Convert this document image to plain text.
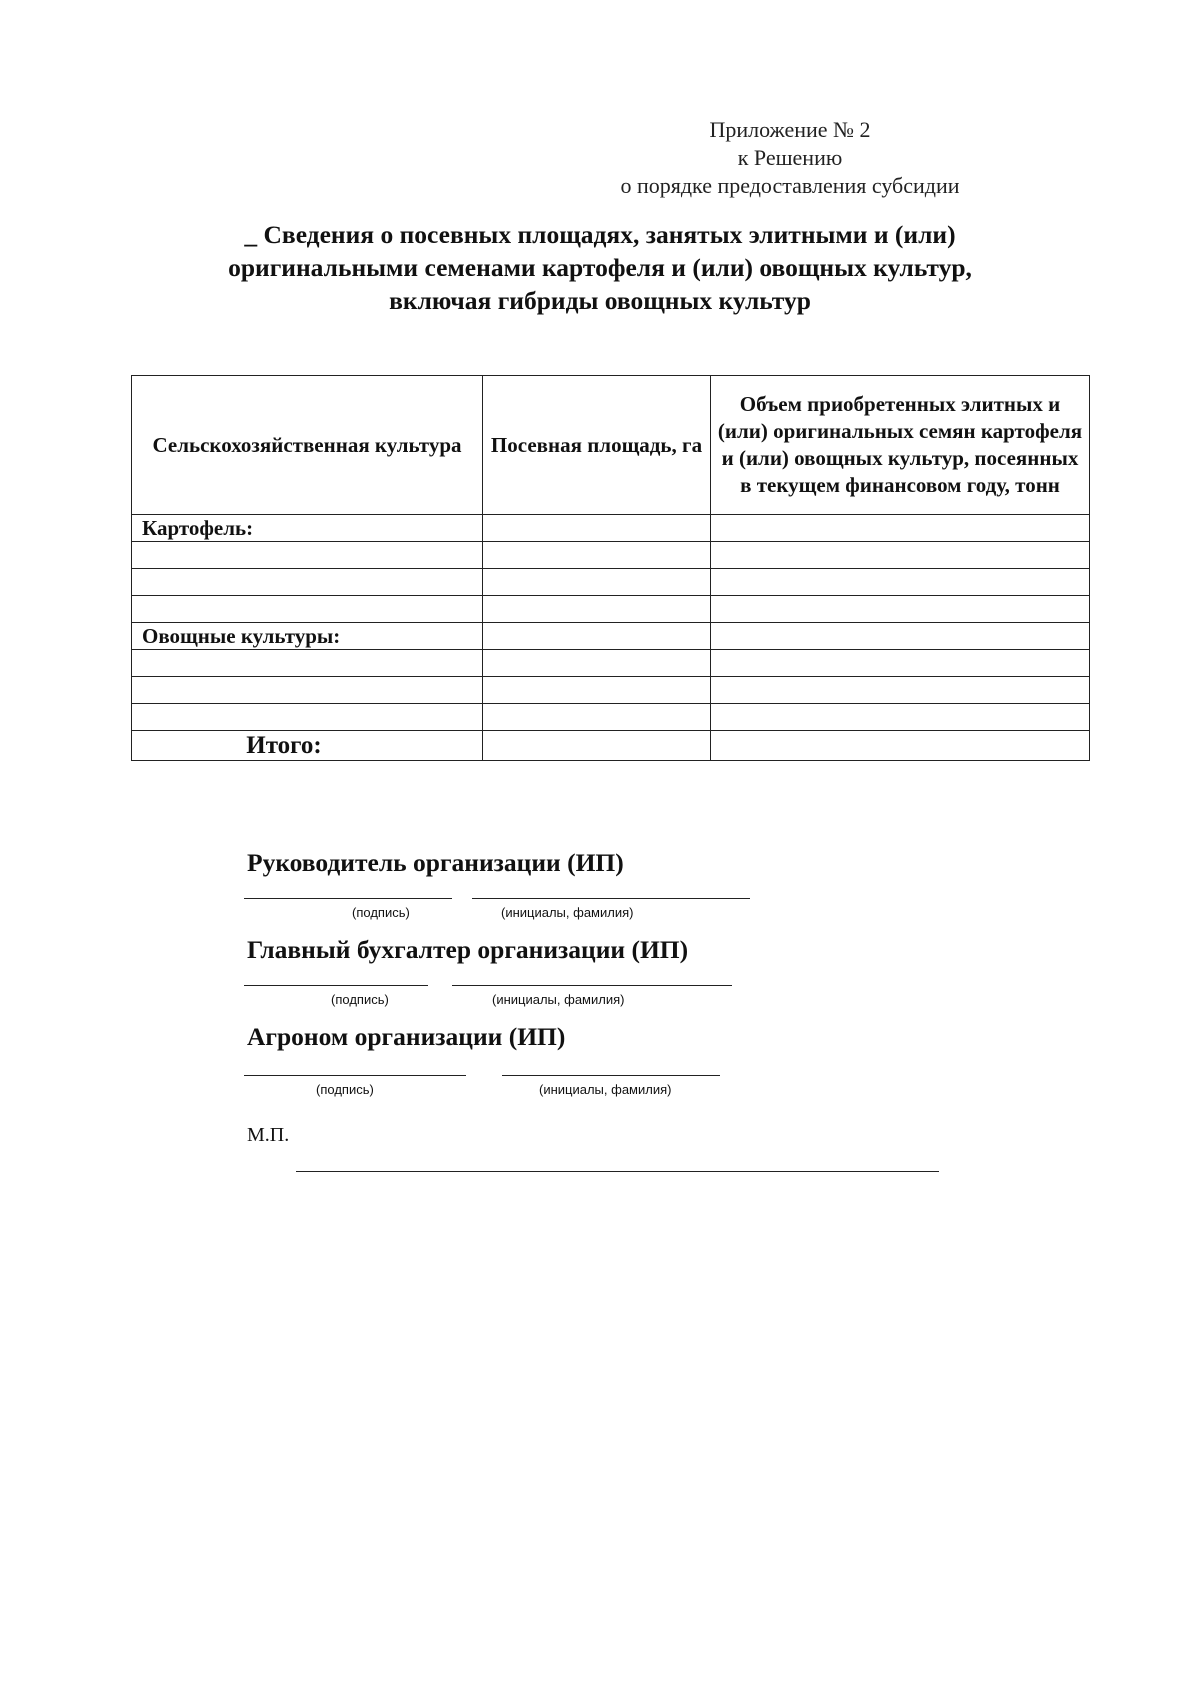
Приложение № 2
к Решению
о порядке предоставления субсидии
_ Сведения о посевных площадях, занятых элитными и (или)
оригинальными семенами картофеля и (или) овощных культур,
включая гибриды овощных культур
Сельскохозяйственная культура	Посевная площадь, га	Объем приобретенных элитных и (или) оригинальных семян картофеля и (или) овощных культур, посеянных в текущем финансовом году, тонн
Картофель:		

Овощные культуры:		

Итого:		
Руководитель организации (ИП)
(подпись)	(инициалы, фамилия)
Главный бухгалтер организации (ИП)
(подпись)	(инициалы, фамилия)
Агроном организации (ИП)
(подпись)	(инициалы, фамилия)
М.П.
